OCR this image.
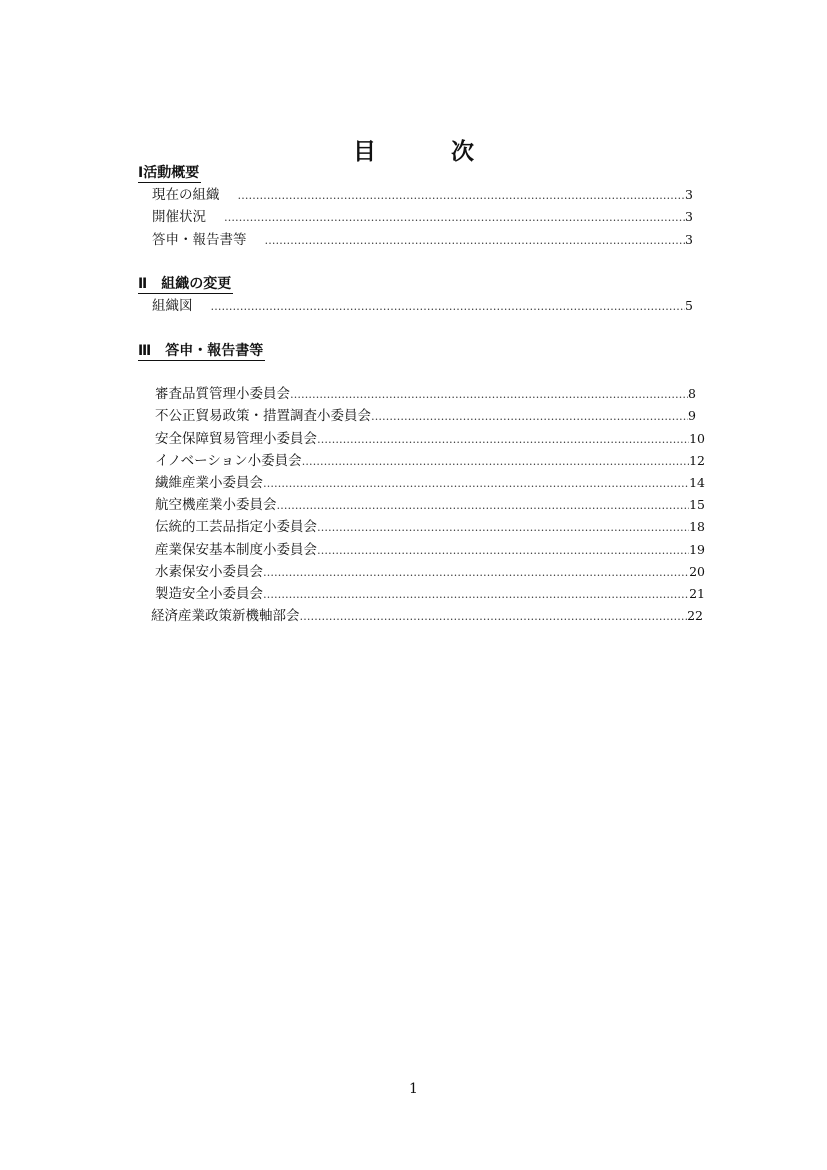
目　次
Ⅰ活動概要
現在の組織 …………………………………………………………………………………………………………………………………………………………………………………………………………………………………………	3
開催状況 …………………………………………………………………………………………………………………………………………………………………………………………………………………………………………	3
答申・報告書等 …………………………………………………………………………………………………………………………………………………………………………………………………………………………………………	3
Ⅱ　組織の変更
組織図 …………………………………………………………………………………………………………………………………………………………………………………………………………………………………………	5
Ⅲ　答申・報告書等
審査品質管理小委員会 …………………………………………………………………………………………………………………………………………………………………………………………………………………………………………	8
不公正貿易政策・措置調査小委員会 …………………………………………………………………………………………………………………………………………………………………………………………………………………………………………	9
安全保障貿易管理小委員会 …………………………………………………………………………………………………………………………………………………………………………………………………………………………………………	10
イノベーション小委員会 …………………………………………………………………………………………………………………………………………………………………………………………………………………………………………	12
繊維産業小委員会 …………………………………………………………………………………………………………………………………………………………………………………………………………………………………………	14
航空機産業小委員会 …………………………………………………………………………………………………………………………………………………………………………………………………………………………………………	15
伝統的工芸品指定小委員会 …………………………………………………………………………………………………………………………………………………………………………………………………………………………………………	18
産業保安基本制度小委員会 …………………………………………………………………………………………………………………………………………………………………………………………………………………………………………	19
水素保安小委員会 …………………………………………………………………………………………………………………………………………………………………………………………………………………………………………	20
製造安全小委員会 …………………………………………………………………………………………………………………………………………………………………………………………………………………………………………	21
経済産業政策新機軸部会 …………………………………………………………………………………………………………………………………………………………………………………………………………………………………………	22
1
